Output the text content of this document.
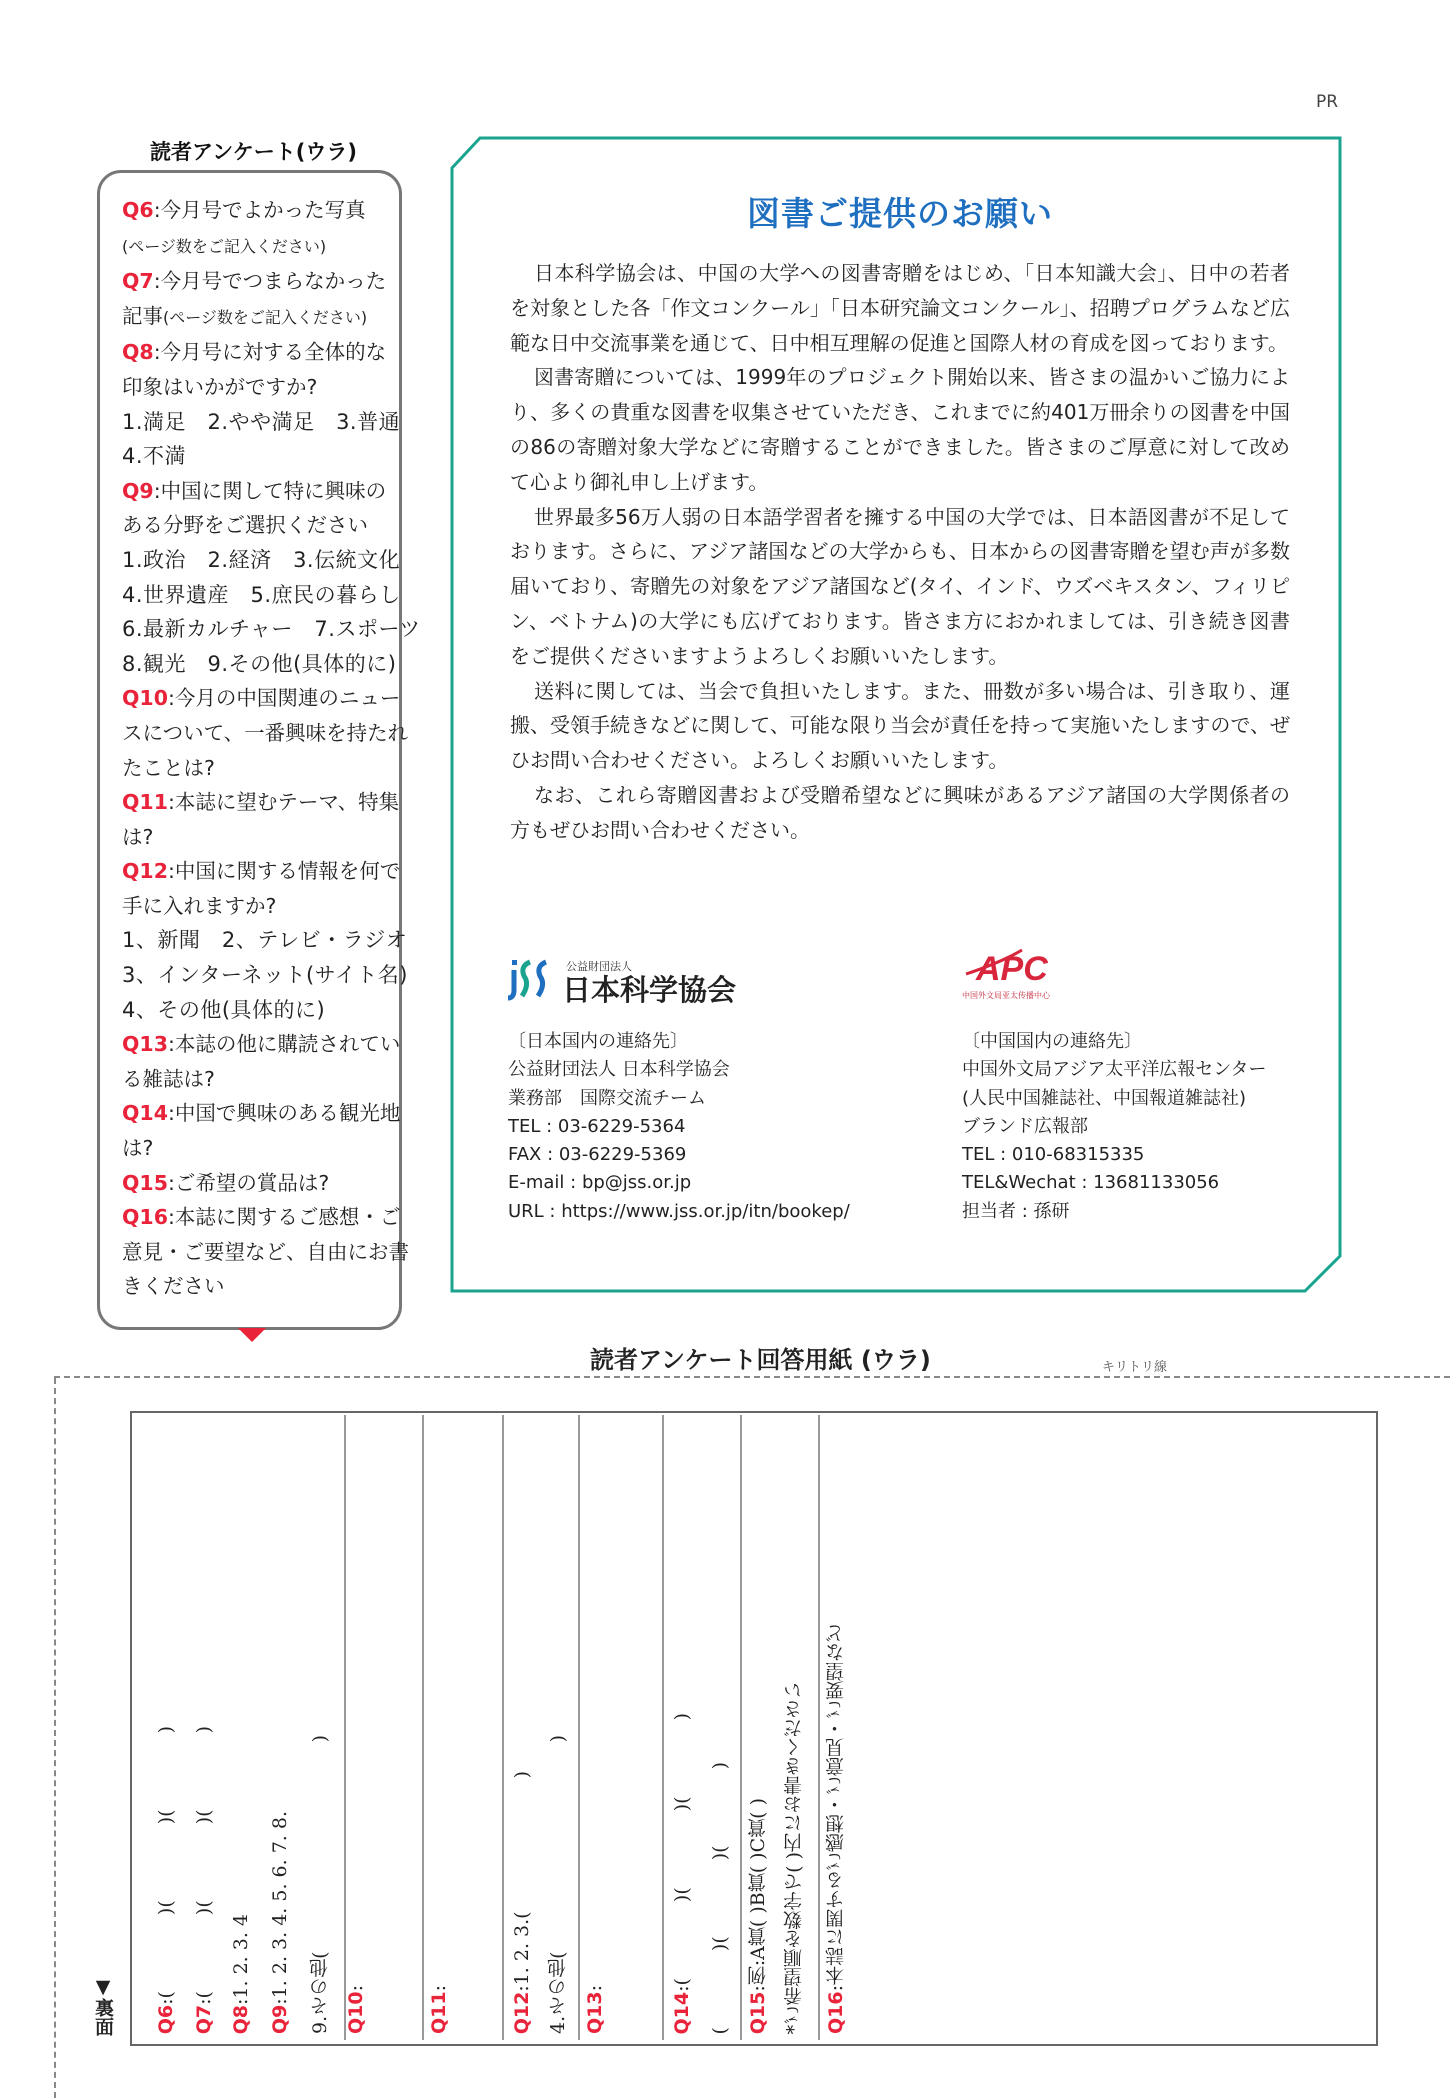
PR
読者アンケート(ウラ)
Q6:今月号でよかった写真
(ページ数をご記入ください)
Q7:今月号でつまらなかった
記事(ページ数をご記入ください)
Q8:今月号に対する全体的な
印象はいかがですか?
1.満足　2.やや満足　3.普通
4.不満
Q9:中国に関して特に興味の
ある分野をご選択ください
1.政治　2.経済　3.伝統文化
4.世界遺産　5.庶民の暮らし
6.最新カルチャー　7.スポーツ
8.観光　9.その他(具体的に)
Q10:今月の中国関連のニュー
スについて、一番興味を持たれ
たことは?
Q11:本誌に望むテーマ、特集
は?
Q12:中国に関する情報を何で
手に入れますか?
1、新聞　2、テレビ・ラジオ
3、インターネット(サイト名)
4、その他(具体的に)
Q13:本誌の他に購読されてい
る雑誌は?
Q14:中国で興味のある観光地
は?
Q15:ご希望の賞品は?
Q16:本誌に関するご感想・ご
意見・ご要望など、自由にお書
きください
図書ご提供のお願い

日本科学協会は、中国の大学への図書寄贈をはじめ、「日本知識大会」、日中の若者を対象とした各「作文コンクール」「日本研究論文コンクール」、招聘プログラムなど広範な日中交流事業を通じて、日中相互理解の促進と国際人材の育成を図っております。

図書寄贈については、1999年のプロジェクト開始以来、皆さまの温かいご協力により、多くの貴重な図書を収集させていただき、これまでに約401万冊余りの図書を中国の86の寄贈対象大学などに寄贈することができました。皆さまのご厚意に対して改めて心より御礼申し上げます。

世界最多56万人弱の日本語学習者を擁する中国の大学では、日本語図書が不足しております。さらに、アジア諸国などの大学からも、日本からの図書寄贈を望む声が多数届いており、寄贈先の対象をアジア諸国など(タイ、インド、ウズベキスタン、フィリピン、ベトナム)の大学にも広げております。皆さま方におかれましては、引き続き図書をご提供くださいますようよろしくお願いいたします。

送料に関しては、当会で負担いたします。また、冊数が多い場合は、引き取り、運搬、受領手続きなどに関して、可能な限り当会が責任を持って実施いたしますので、ぜひお問い合わせください。よろしくお願いいたします。

なお、これら寄贈図書および受贈希望などに興味があるアジア諸国の大学関係者の方もぜひお問い合わせください。

公益財団法人
日本科学協会
APC
中国外文局亚太传播中心
〔日本国内の連絡先〕
公益財団法人 日本科学協会
業務部　国際交流チーム
TEL : 03-6229-5364
FAX : 03-6229-5369
E-mail : bp@jss.or.jp
URL : https://www.jss.or.jp/itn/bookep/
〔中国国内の連絡先〕
中国外文局アジア太平洋広報センター
(人民中国雑誌社、中国報道雑誌社)
ブランド広報部
TEL : 010-68315335
TEL&Wechat : 13681133056
担当者 : 孫研
読者アンケート回答用紙 (ウラ)	キリトリ線
▼裏面 Q6:(　　　　)(　　　　)(　　　　)
Q7:(　　　　)(　　　　)(　　　　)
Q8:1. 2. 3. 4
Q9:1. 2. 3. 4. 5. 6. 7. 8. 9.その他(　　　　　　　　　　　) Q10:
Q11:
Q12:1. 2. 3.(　　　　　　　) 4.その他(　　　　　　　　　　　) Q13:
Q14:(　　　　)(　　　　)(　　　　) (　　　　)(　　　　)(　　　　) Q15:例:A賞( )B賞( )C賞( ) *ご希望順を数字で( )内にお書きください Q16:本誌に関するご感想・ご意見・ご要望など
